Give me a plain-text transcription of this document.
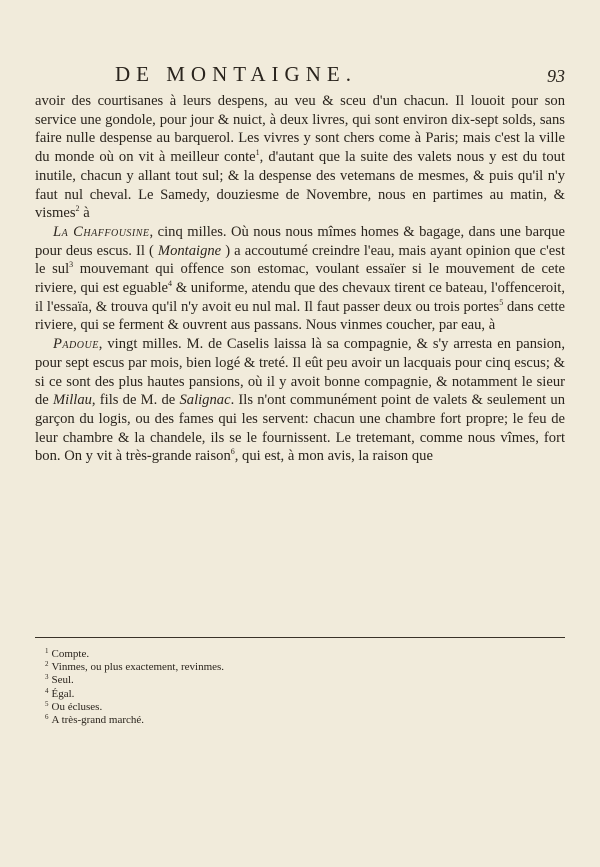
DE MONTAIGNE.	93

avoir des courtisanes à leurs despens, au veu & sceu d'un chacun. Il louoit pour son service une gondole, pour jour & nuict, à deux livres, qui sont environ dix-sept solds, sans faire nulle despense au barquerol. Les vivres y sont chers come à Paris; mais c'est la ville du monde où on vit à meilleur conte$^1$, d'autant que la suite des valets nous y est du tout inutile, chacun y allant tout sul; & la despense des vetemans de mesmes, & puis qu'il n'y faut nul cheval. Le Samedy, douziesme de Novembre, nous en partimes au matin, & vismes$^2$ à

La Chaffousine, cinq milles. Où nous nous mîmes homes & bagage, dans une barque pour deus escus. Il ( Montaigne ) a accoutumé creindre l'eau, mais ayant opinion que c'est le sul$^3$ mouvemant qui offence son estomac, voulant essaïer si le mouvement de cete riviere, qui est eguable$^4$ & uniforme, atendu que des chevaux tirent ce bateau, l'offenceroit, il l'essaïa, & trouva qu'il n'y avoit eu nul mal. Il faut passer deux ou trois portes$^5$ dans cette riviere, qui se ferment & ouvrent aus passans. Nous vinmes coucher, par eau, à

Padoue, vingt milles. M. de Caselis laissa là sa compagnie, & s'y arresta en pansion, pour sept escus par mois, bien logé & treté. Il eût peu avoir un lacquais pour cinq escus; & si ce sont des plus hautes pansions, où il y avoit bonne compagnie, & notamment le sieur de Millau, fils de M. de Salignac. Ils n'ont communément point de valets & seulement un garçon du logis, ou des fames qui les servent: chacun une chambre fort propre; le feu de leur chambre & la chandele, ils se le fournissent. Le tretemant, comme nous vîmes, fort bon. On y vit à très-grande raison$^6$, qui est, à mon avis, la raison que

$^1$ Compte.
$^2$ Vinmes, ou plus exactement, revinmes.
$^3$ Seul.
$^4$ Égal.
$^5$ Ou écluses.
$^6$ A très-grand marché.
